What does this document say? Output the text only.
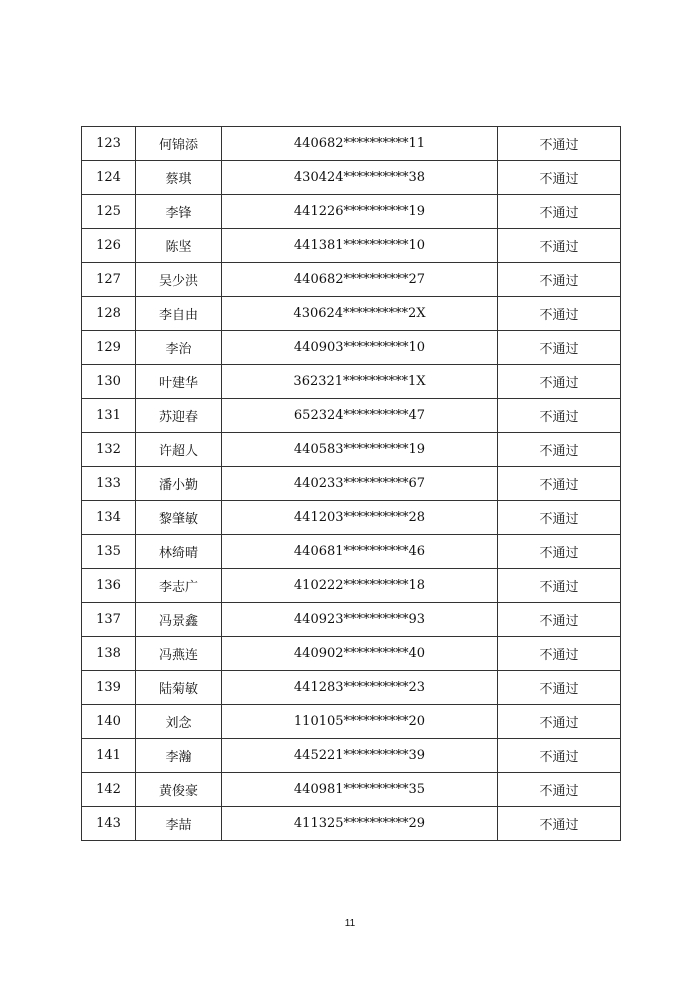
123	何锦添	440682**********11	不通过
124	蔡琪	430424**********38	不通过
125	李锋	441226**********19	不通过
126	陈坚	441381**********10	不通过
127	吴少洪	440682**********27	不通过
128	李自由	430624**********2X	不通过
129	李治	440903**********10	不通过
130	叶建华	362321**********1X	不通过
131	苏迎春	652324**********47	不通过
132	许超人	440583**********19	不通过
133	潘小勤	440233**********67	不通过
134	黎肇敏	441203**********28	不通过
135	林绮晴	440681**********46	不通过
136	李志广	410222**********18	不通过
137	冯景鑫	440923**********93	不通过
138	冯燕连	440902**********40	不通过
139	陆菊敏	441283**********23	不通过
140	刘念	110105**********20	不通过
141	李瀚	445221**********39	不通过
142	黄俊豪	440981**********35	不通过
143	李喆	411325**********29	不通过
11
